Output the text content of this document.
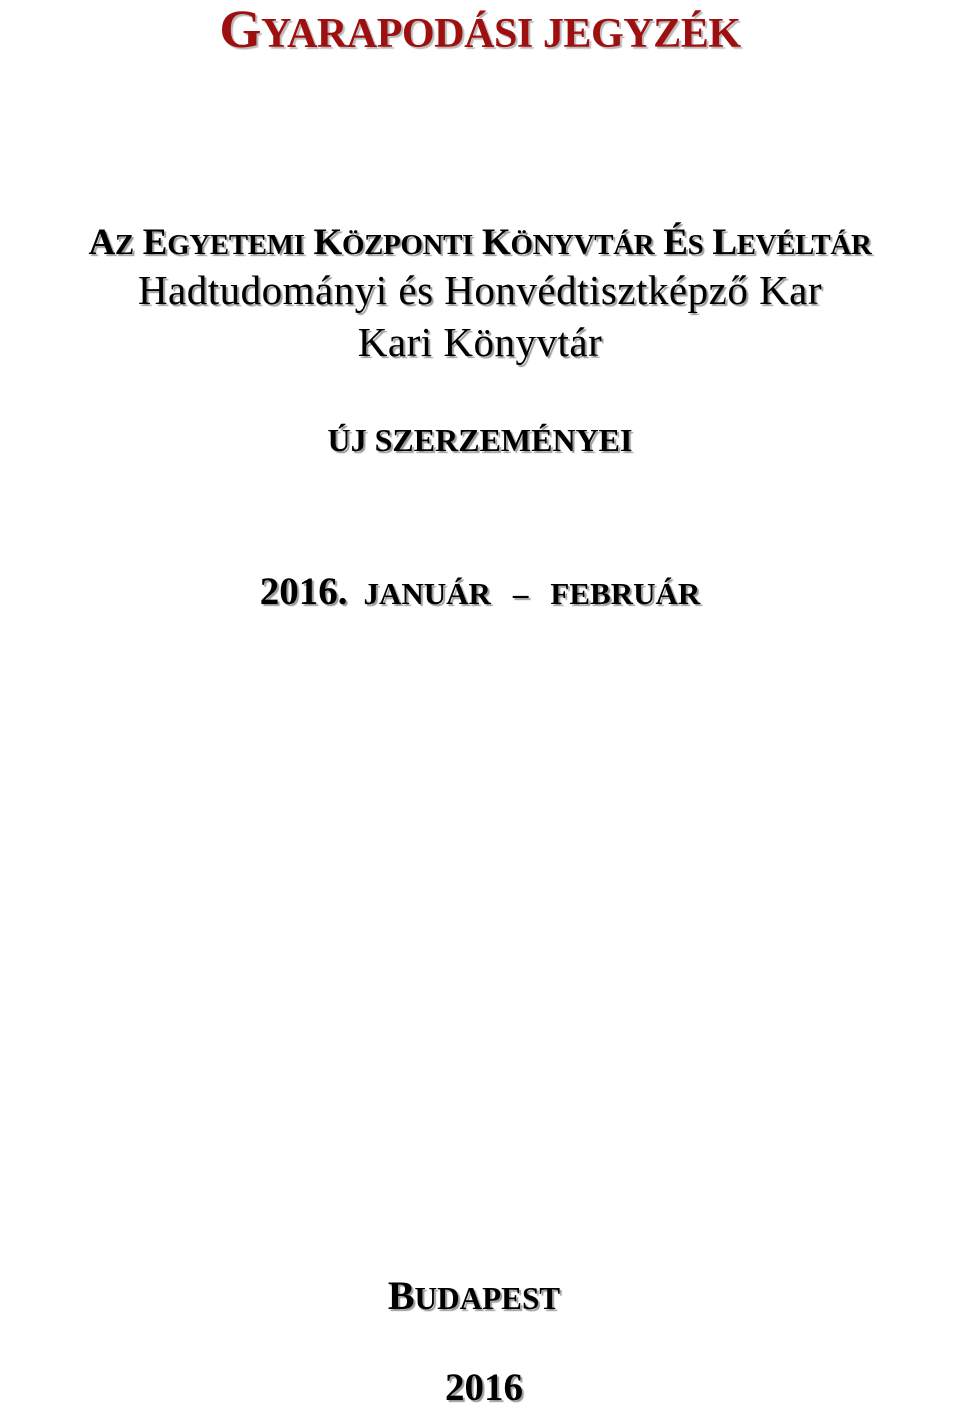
GYARAPODÁSI JEGYZÉK
AZ EGYETEMI KÖZPONTI KÖNYVTÁR ÉS LEVÉLTÁR
Hadtudományi és Honvédtisztképző Kar
Kari Könyvtár
ÚJ SZERZEMÉNYEI
2016. JANUÁR – FEBRUÁR
BUDAPEST
2016
